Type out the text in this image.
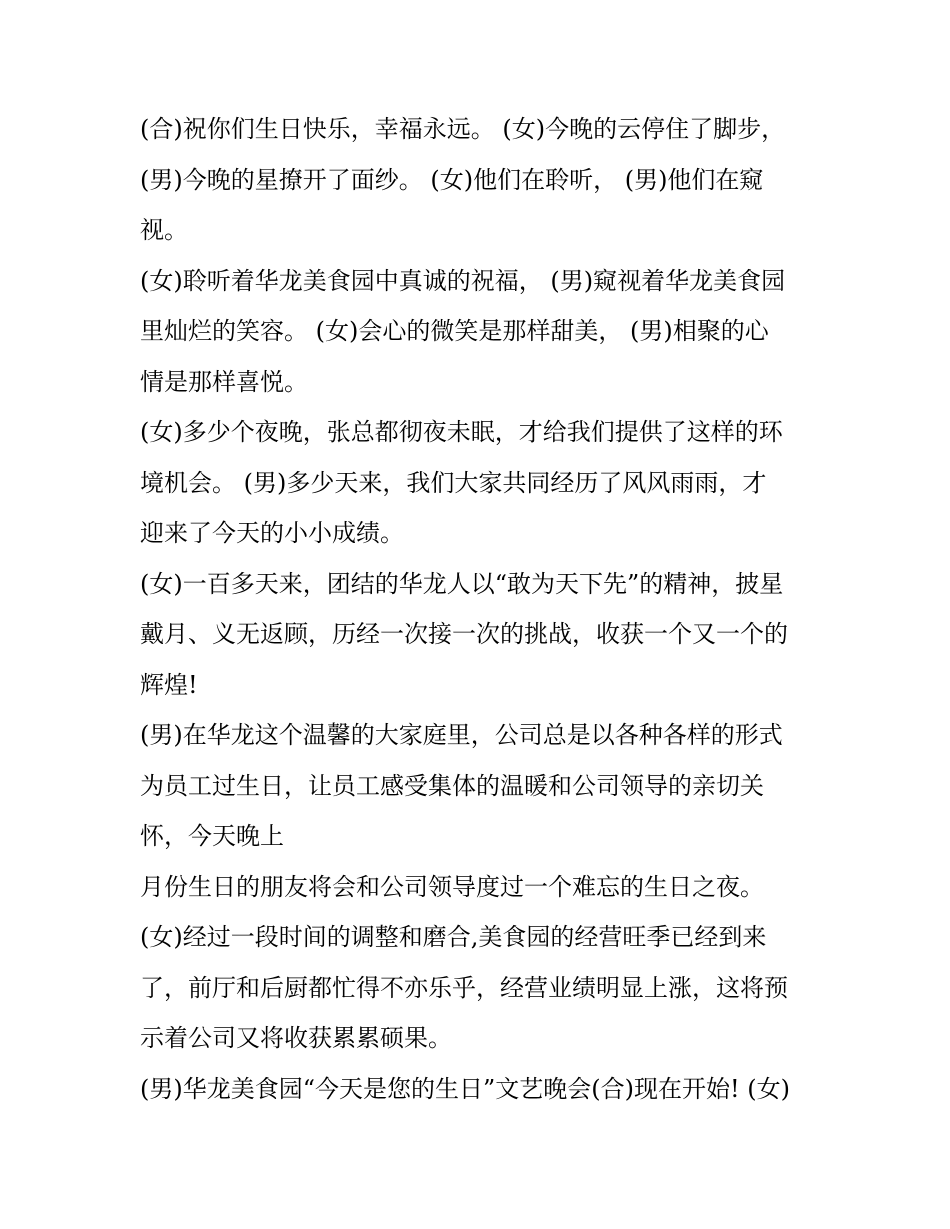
(合)祝你们生日快乐，幸福永远。 (女)今晚的云停住了脚步，
(男)今晚的星撩开了面纱。 (女)他们在聆听， (男)他们在窥
视。
(女)聆听着华龙美食园中真诚的祝福， (男)窥视着华龙美食园
里灿烂的笑容。 (女)会心的微笑是那样甜美， (男)相聚的心
情是那样喜悦。
(女)多少个夜晚，张总都彻夜未眠，才给我们提供了这样的环
境机会。 (男)多少天来，我们大家共同经历了风风雨雨，才
迎来了今天的小小成绩。
(女)一百多天来，团结的华龙人以“敢为天下先”的精神，披星
戴月、义无返顾，历经一次接一次的挑战，收获一个又一个的
辉煌!
(男)在华龙这个温馨的大家庭里，公司总是以各种各样的形式
为员工过生日，让员工感受集体的温暖和公司领导的亲切关
怀，今天晚上
月份生日的朋友将会和公司领导度过一个难忘的生日之夜。
(女)经过一段时间的调整和磨合,美食园的经营旺季已经到来
了，前厅和后厨都忙得不亦乐乎，经营业绩明显上涨，这将预
示着公司又将收获累累硕果。
(男)华龙美食园“今天是您的生日”文艺晚会(合)现在开始! (女)
